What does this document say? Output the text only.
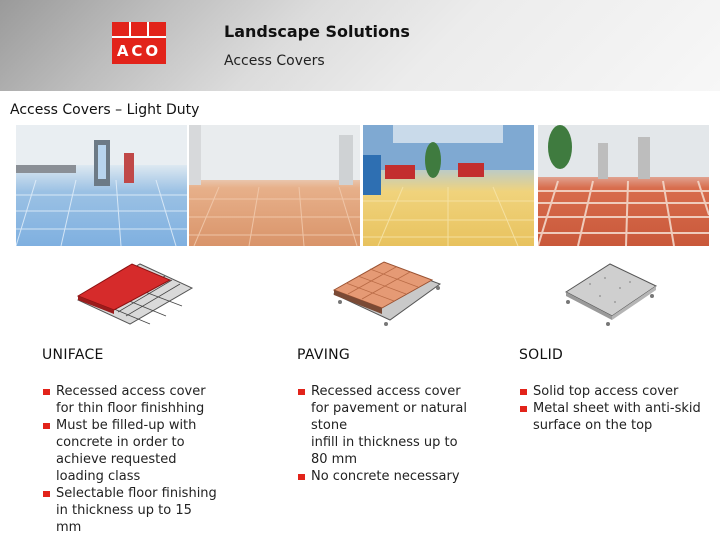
ACO
Landscape Solutions
Access Covers
Access Covers – Light Duty
UNIFACE
Recessed access cover
for thin floor finishhing
Must be filled-up with
concrete in order to
achieve requested
loading class
Selectable floor finishing
in thickness up to 15
mm
PAVING
Recessed access cover
for pavement or natural
stone
infill in thickness up to
80 mm
No concrete necessary
SOLID
Solid top access cover
Metal sheet with anti-skid
surface on the top
